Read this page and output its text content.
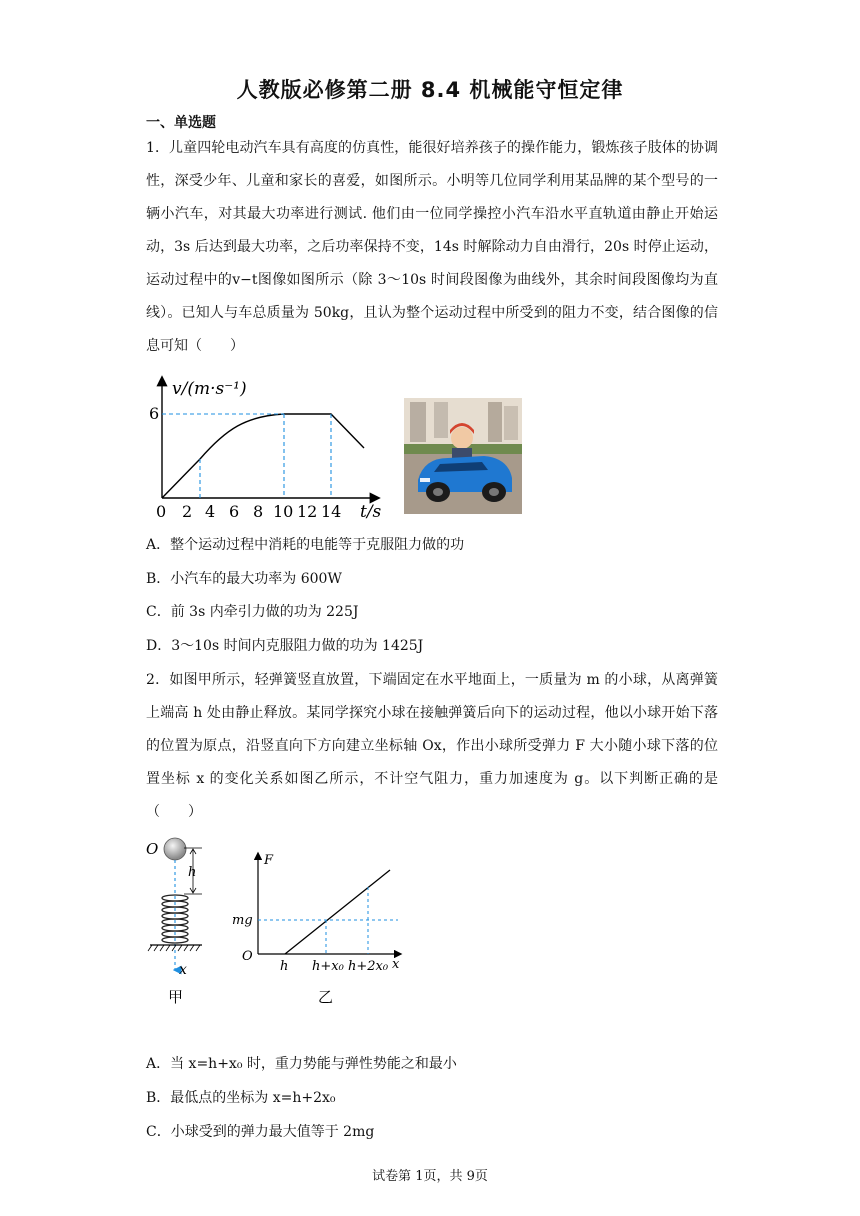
人教版必修第二册 8.4 机械能守恒定律
一、单选题
1．儿童四轮电动汽车具有高度的仿真性，能很好培养孩子的操作能力，锻炼孩子肢体的协调性，深受少年、儿童和家长的喜爱，如图所示。小明等几位同学利用某品牌的某个型号的一辆小汽车，对其最大功率进行测试. 他们由一位同学操控小汽车沿水平直轨道由静止开始运动，3s 后达到最大功率，之后功率保持不变，14s 时解除动力自由滑行，20s 时停止运动，运动过程中的v−t图像如图所示（除 3～10s 时间段图像为曲线外，其余时间段图像均为直线）。已知人与车总质量为 50kg，且认为整个运动过程中所受到的阻力不变，结合图像的信息可知（　　）
v/(m·s⁻¹)
6
0 2 4 6 8 10 12 14 t/s
A．整个运动过程中消耗的电能等于克服阻力做的功
B．小汽车的最大功率为 600W
C．前 3s 内牵引力做的功为 225J
D．3～10s 时间内克服阻力做的功为 1425J
2．如图甲所示，轻弹簧竖直放置，下端固定在水平地面上，一质量为 m 的小球，从离弹簧上端高 h 处由静止释放。某同学探究小球在接触弹簧后向下的运动过程，他以小球开始下落的位置为原点，沿竖直向下方向建立坐标轴 Ox，作出小球所受弹力 F 大小随小球下落的位置坐标 x 的变化关系如图乙所示，不计空气阻力，重力加速度为 g。以下判断正确的是（　　）
O
h
x
甲
F
mg
O
h h+x₀ h+2x₀ x
乙
A．当 x=h+x₀ 时，重力势能与弹性势能之和最小
B．最低点的坐标为 x=h+2x₀
C．小球受到的弹力最大值等于 2mg
试卷第 1页，共 9页
